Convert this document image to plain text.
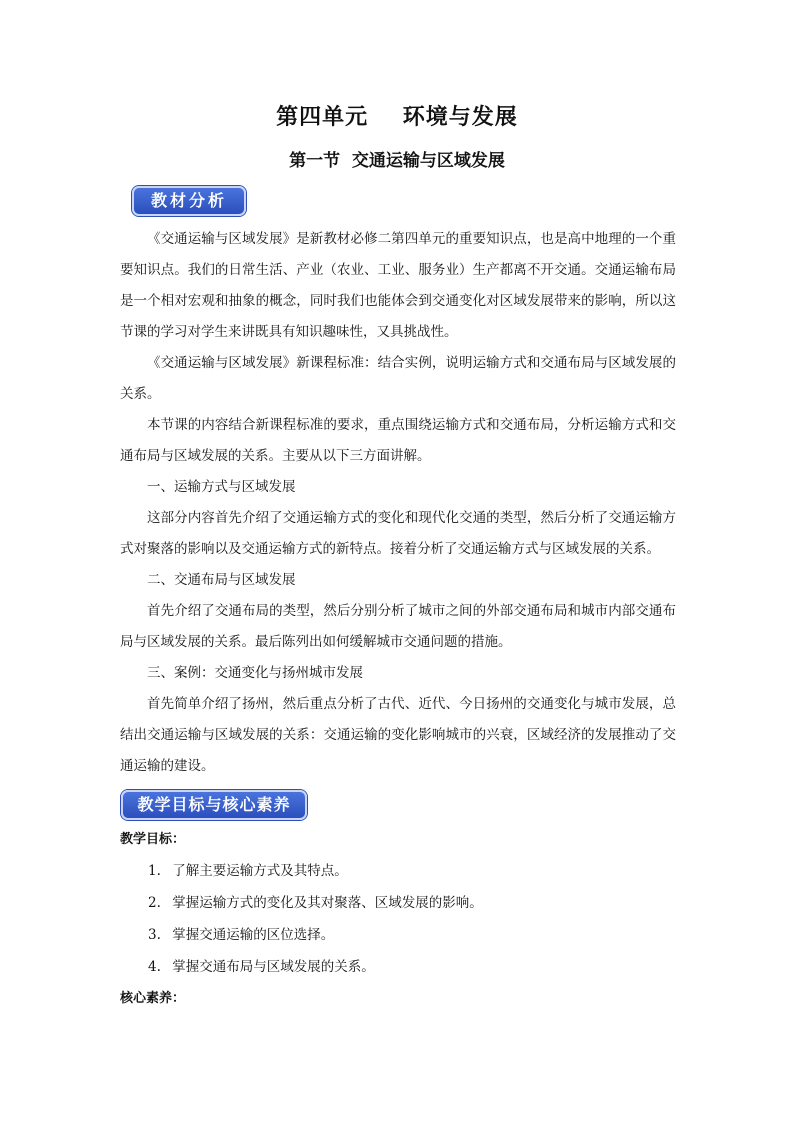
第四单元    环境与发展
第一节  交通运输与区域发展
教材分析

《交通运输与区域发展》是新教材必修二第四单元的重要知识点，也是高中地理的一个重要知识点。我们的日常生活、产业（农业、工业、服务业）生产都离不开交通。交通运输布局是一个相对宏观和抽象的概念，同时我们也能体会到交通变化对区域发展带来的影响，所以这节课的学习对学生来讲既具有知识趣味性，又具挑战性。

《交通运输与区域发展》新课程标准：结合实例，说明运输方式和交通布局与区域发展的关系。

本节课的内容结合新课程标准的要求，重点围绕运输方式和交通布局，分析运输方式和交通布局与区域发展的关系。主要从以下三方面讲解。

一、运输方式与区域发展

这部分内容首先介绍了交通运输方式的变化和现代化交通的类型，然后分析了交通运输方式对聚落的影响以及交通运输方式的新特点。接着分析了交通运输方式与区域发展的关系。

二、交通布局与区域发展

首先介绍了交通布局的类型，然后分别分析了城市之间的外部交通布局和城市内部交通布局与区域发展的关系。最后陈列出如何缓解城市交通问题的措施。

三、案例：交通变化与扬州城市发展

首先简单介绍了扬州，然后重点分析了古代、近代、今日扬州的交通变化与城市发展，总结出交通运输与区域发展的关系：交通运输的变化影响城市的兴衰，区域经济的发展推动了交通运输的建设。

教学目标与核心素养
教学目标：
1. 了解主要运输方式及其特点。
2. 掌握运输方式的变化及其对聚落、区域发展的影响。
3. 掌握交通运输的区位选择。
4. 掌握交通布局与区域发展的关系。
核心素养：
